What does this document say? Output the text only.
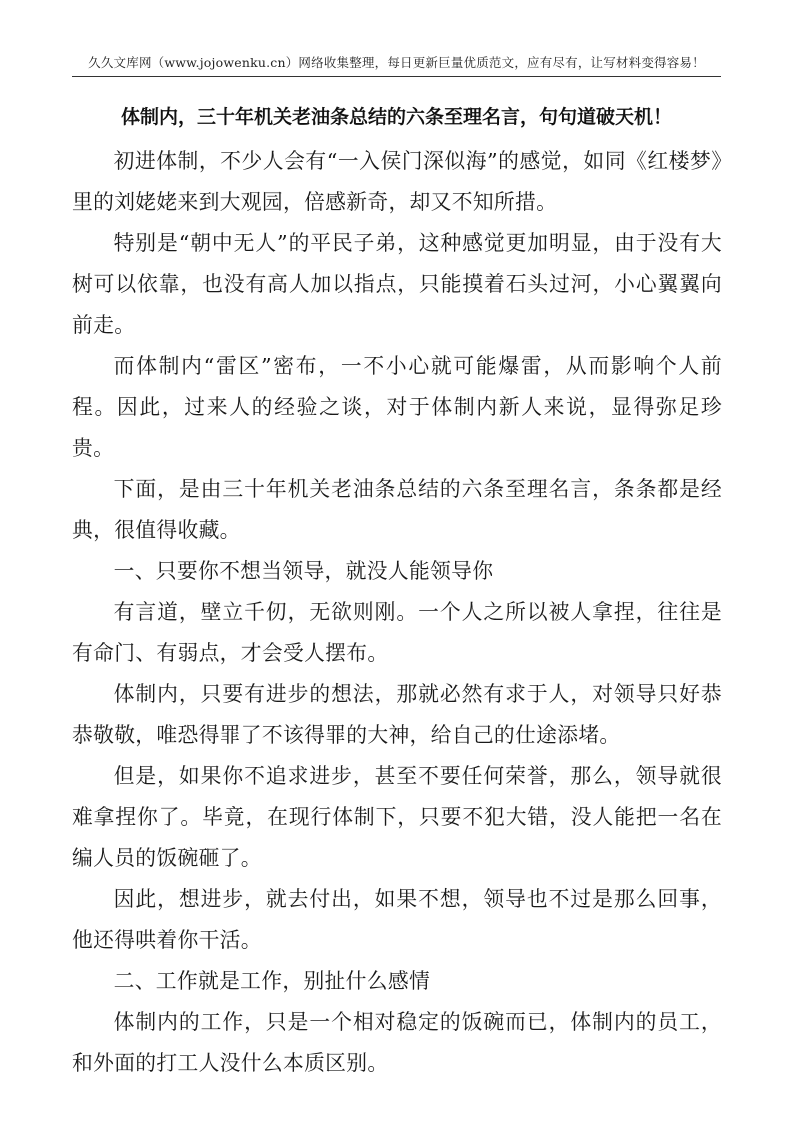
久久文库网（www.jojowenku.cn）网络收集整理，每日更新巨量优质范文，应有尽有，让写材料变得容易！
体制内，三十年机关老油条总结的六条至理名言，句句道破天机！

初进体制，不少人会有“一入侯门深似海”的感觉，如同《红楼梦》里的刘姥姥来到大观园，倍感新奇，却又不知所措。

特别是“朝中无人”的平民子弟，这种感觉更加明显，由于没有大树可以依靠，也没有高人加以指点，只能摸着石头过河，小心翼翼向前走。

而体制内“雷区”密布，一不小心就可能爆雷，从而影响个人前程。因此，过来人的经验之谈，对于体制内新人来说，显得弥足珍贵。

下面，是由三十年机关老油条总结的六条至理名言，条条都是经典，很值得收藏。

一、只要你不想当领导，就没人能领导你

有言道，壁立千仞，无欲则刚。一个人之所以被人拿捏，往往是有命门、有弱点，才会受人摆布。

体制内，只要有进步的想法，那就必然有求于人，对领导只好恭恭敬敬，唯恐得罪了不该得罪的大神，给自己的仕途添堵。

但是，如果你不追求进步，甚至不要任何荣誉，那么，领导就很难拿捏你了。毕竟，在现行体制下，只要不犯大错，没人能把一名在编人员的饭碗砸了。

因此，想进步，就去付出，如果不想，领导也不过是那么回事，他还得哄着你干活。

二、工作就是工作，别扯什么感情

体制内的工作，只是一个相对稳定的饭碗而已，体制内的员工，和外面的打工人没什么本质区别。
